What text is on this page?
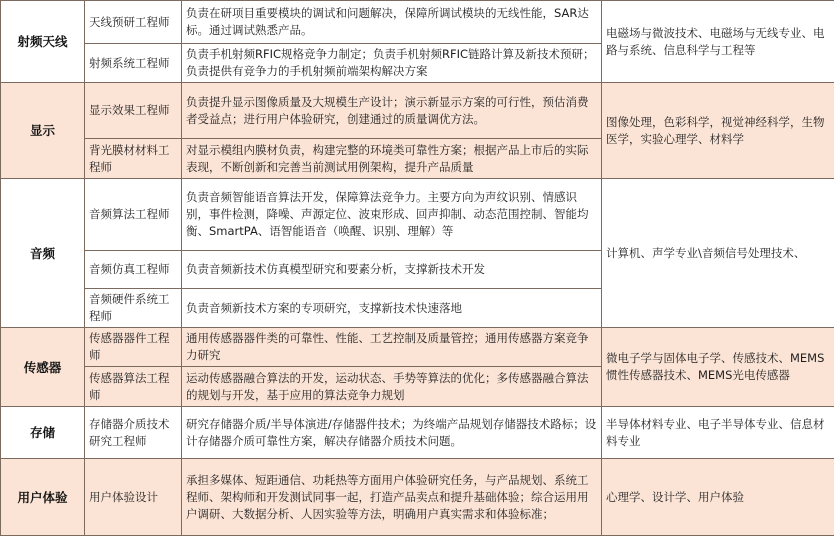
射频天线	天线预研工程师	负责在研项目重要模块的调试和问题解决，保障所调试模块的无线性能，SAR达标。通过调试熟悉产品。	电磁场与微波技术、电磁场与无线专业、电路与系统、信息科学与工程等
	射频系统工程师	负责手机射频RFIC规格竞争力制定；负责手机射频RFIC链路计算及新技术预研；负责提供有竞争力的手机射频前端架构解决方案	
显示	显示效果工程师	负责提升显示图像质量及大规模生产设计；演示新显示方案的可行性，预估消费者受益点；进行用户体验研究，创建通过的质量调优方法。	图像处理，色彩科学，视觉神经科学，生物医学，实验心理学、材料学
	背光膜材材料工程师	对显示模组内膜材负责，构建完整的环境类可靠性方案；根据产品上市后的实际表现，不断创新和完善当前测试用例架构，提升产品质量	
音频	音频算法工程师	负责音频智能语音算法开发，保障算法竞争力。主要方向为声纹识别、情感识别，事件检测，降噪、声源定位、波束形成、回声抑制、动态范围控制、智能均衡、SmartPA、语智能语音（唤醒、识别、理解）等	计算机、声学专业\音频信号处理技术、
	音频仿真工程师	负责音频新技术仿真模型研究和要素分析，支撑新技术开发	
	音频硬件系统工程师	负责音频新技术方案的专项研究，支撑新技术快速落地	
传感器	传感器器件工程师	通用传感器器件类的可靠性、性能、工艺控制及质量管控；通用传感器方案竞争力研究	微电子学与固体电子学、传感技术、MEMS惯性传感器技术、MEMS光电传感器
	传感器算法工程师	运动传感器融合算法的开发，运动状态、手势等算法的优化；多传感器融合算法的规划与开发，基于应用的算法竞争力规划	
存储	存储器介质技术研究工程师	研究存储器介质/半导体演进/存储器件技术；为终端产品规划存储器技术路标；设计存储器介质可靠性方案，解决存储器介质技术问题。	半导体材料专业、电子半导体专业、信息材料专业
用户体验	用户体验设计	承担多媒体、短距通信、功耗热等方面用户体验研究任务，与产品规划、系统工程师、架构师和开发测试同事一起，打造产品卖点和提升基础体验；综合运用用户调研、大数据分析、人因实验等方法，明确用户真实需求和体验标准；	心理学、设计学、用户体验
